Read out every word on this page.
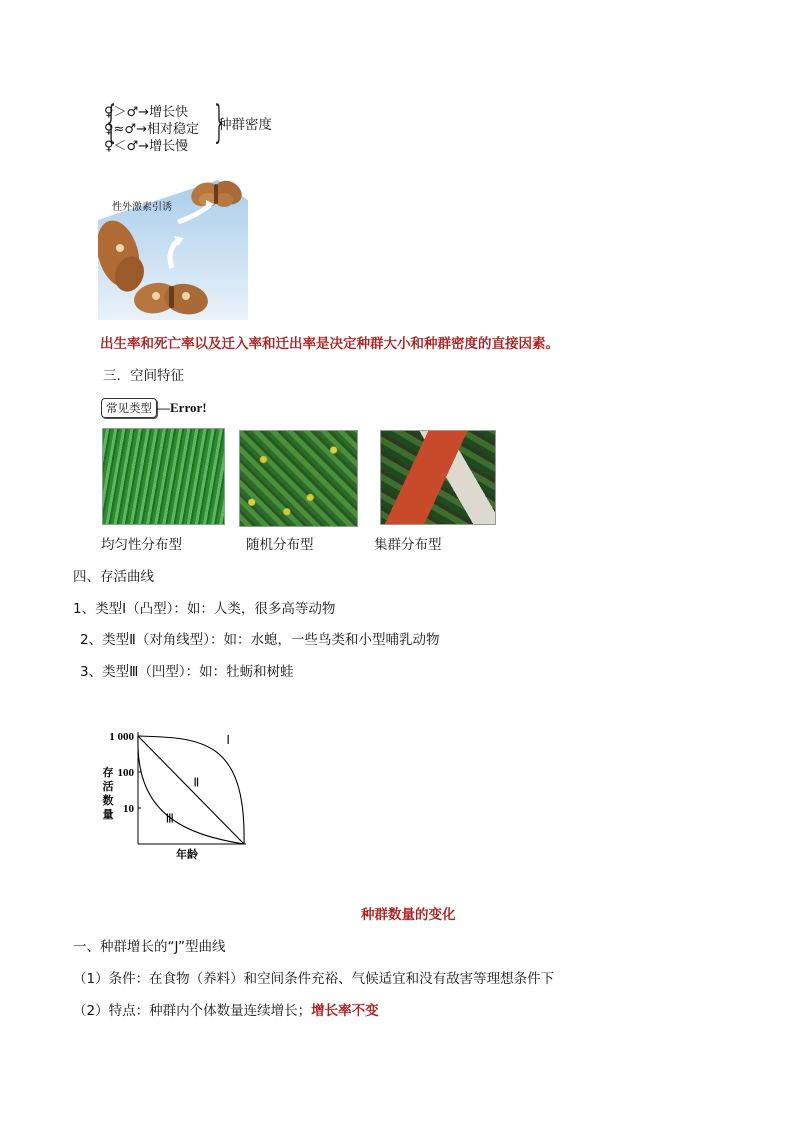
{
♀＞♂→增长快
♀≈♂→相对稳定
♀＜♂→增长慢 }
种群密度
性外激素引诱
出生率和死亡率以及迁入率和迁出率是决定种群大小和种群密度的直接因素。
三．空间特征
常见类型 —Error!
均匀性分布型	随机分布型	集群分布型
四、存活曲线
1、类型Ⅰ（凸型）：如：人类，很多高等动物
2、类型Ⅱ（对角线型）：如：水螅，一些鸟类和小型哺乳动物
3、类型Ⅲ（凹型）：如：牡蛎和树蛙
1 000
100
10
存
活
数
量
年龄
Ⅰ
Ⅱ
Ⅲ
种群数量的变化
一、种群增长的“J”型曲线
（1）条件：在食物（养料）和空间条件充裕、气候适宜和没有敌害等理想条件下
（2）特点：种群内个体数量连续增长；增长率不变
